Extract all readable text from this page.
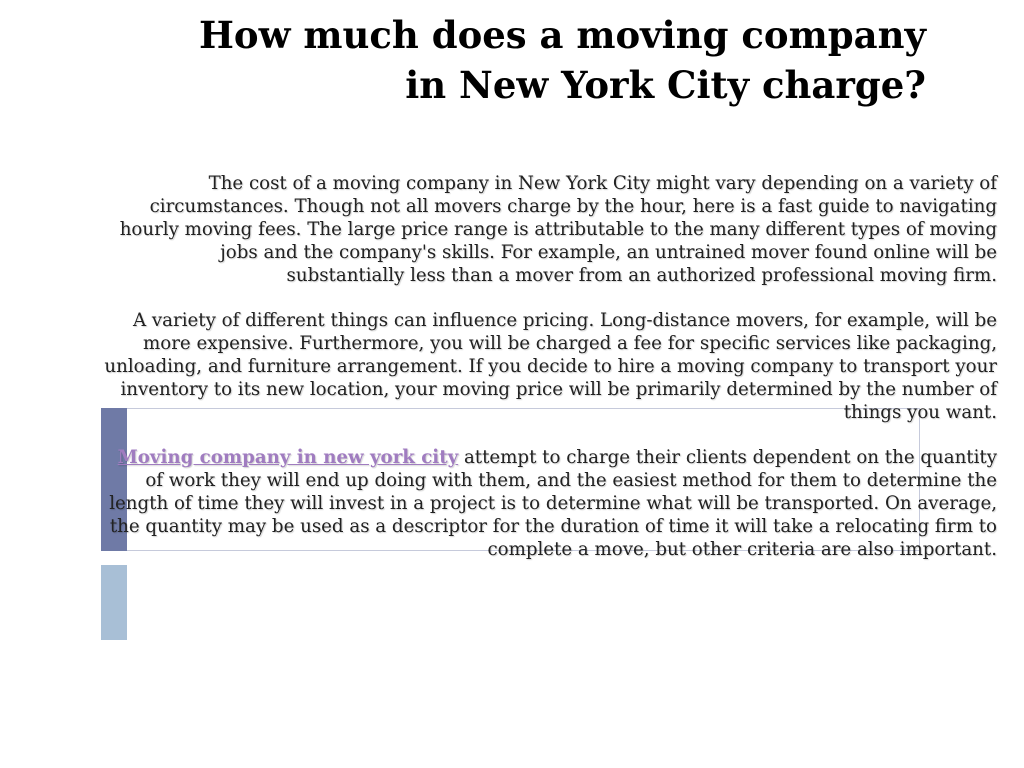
How much does a moving company
in New York City charge?

The cost of a moving company in New York City might vary depending on a variety of circumstances. Though not all movers charge by the hour, here is a fast guide to navigating hourly moving fees. The large price range is attributable to the many different types of moving jobs and the company's skills. For example, an untrained mover found online will be substantially less than a mover from an authorized professional moving firm.

A variety of different things can influence pricing. Long-distance movers, for example, will be more expensive. Furthermore, you will be charged a fee for specific services like packaging, unloading, and furniture arrangement. If you decide to hire a moving company to transport your inventory to its new location, your moving price will be primarily determined by the number of things you want.

Moving company in new york city attempt to charge their clients dependent on the quantity of work they will end up doing with them, and the easiest method for them to determine the length of time they will invest in a project is to determine what will be transported. On average, the quantity may be used as a descriptor for the duration of time it will take a relocating firm to complete a move, but other criteria are also important.
